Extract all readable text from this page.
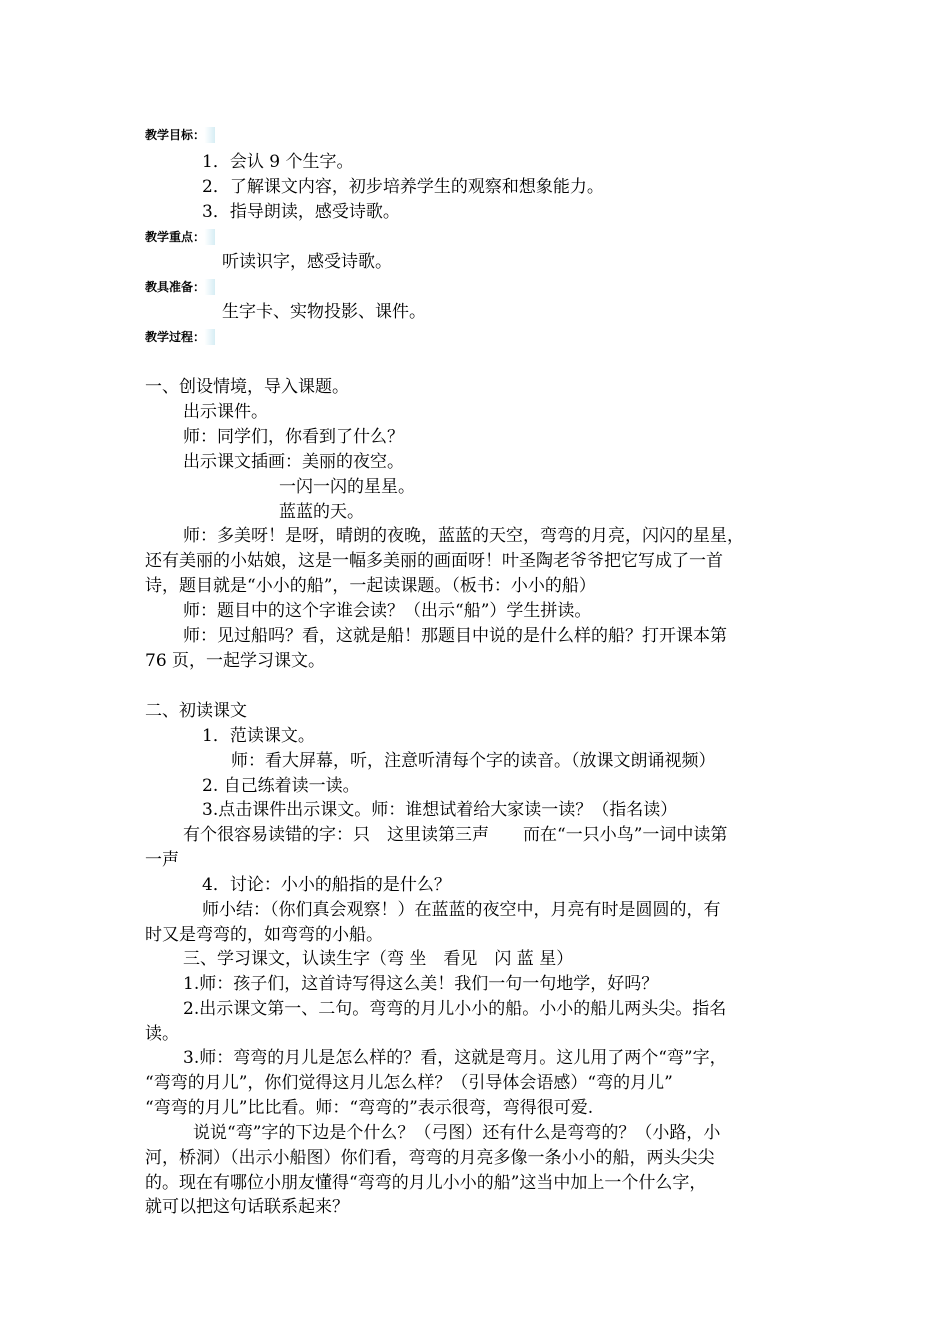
教学目标：
1．会认 9 个生字。
2．了解课文内容，初步培养学生的观察和想象能力。
3．指导朗读，感受诗歌。
教学重点：
听读识字，感受诗歌。
教具准备：
生字卡、实物投影、课件。
教学过程：
一、创设情境，导入课题。
出示课件。
师：同学们，你看到了什么？
出示课文插画：美丽的夜空。
一闪一闪的星星。
蓝蓝的天。
师：多美呀！是呀，晴朗的夜晚，蓝蓝的天空，弯弯的月亮，闪闪的星星，
还有美丽的小姑娘，这是一幅多美丽的画面呀！叶圣陶老爷爷把它写成了一首
诗，题目就是“小小的船”，一起读课题。（板书：小小的船）
师：题目中的这个字谁会读？（出示“船”）学生拼读。
师：见过船吗？看，这就是船！那题目中说的是什么样的船？打开课本第
76 页，一起学习课文。
二、初读课文
1．范读课文。
师：看大屏幕，听，注意听清每个字的读音。（放课文朗诵视频）
2. 自己练着读一读。
3.点击课件出示课文。师：谁想试着给大家读一读？（指名读）
有个很容易读错的字：只　这里读第三声　　而在“一只小鸟”一词中读第
一声
4．讨论：小小的船指的是什么？
师小结：（你们真会观察！）在蓝蓝的夜空中，月亮有时是圆圆的，有
时又是弯弯的，如弯弯的小船。
三、学习课文，认读生字（弯 坐　看见　闪 蓝 星）
1.师：孩子们，这首诗写得这么美！我们一句一句地学，好吗？
2.出示课文第一、二句。弯弯的月儿小小的船。小小的船儿两头尖。指名
读。
3.师：弯弯的月儿是怎么样的？看，这就是弯月。这儿用了两个“弯”字，
“弯弯的月儿”，你们觉得这月儿怎么样？（引导体会语感）“弯的月儿”
“弯弯的月儿”比比看。师：“弯弯的”表示很弯，弯得很可爱.
说说“弯”字的下边是个什么？（弓图）还有什么是弯弯的？（小路，小
河，桥洞）（出示小船图）你们看，弯弯的月亮多像一条小小的船，两头尖尖
的。现在有哪位小朋友懂得“弯弯的月儿小小的船”这当中加上一个什么字，
就可以把这句话联系起来？
